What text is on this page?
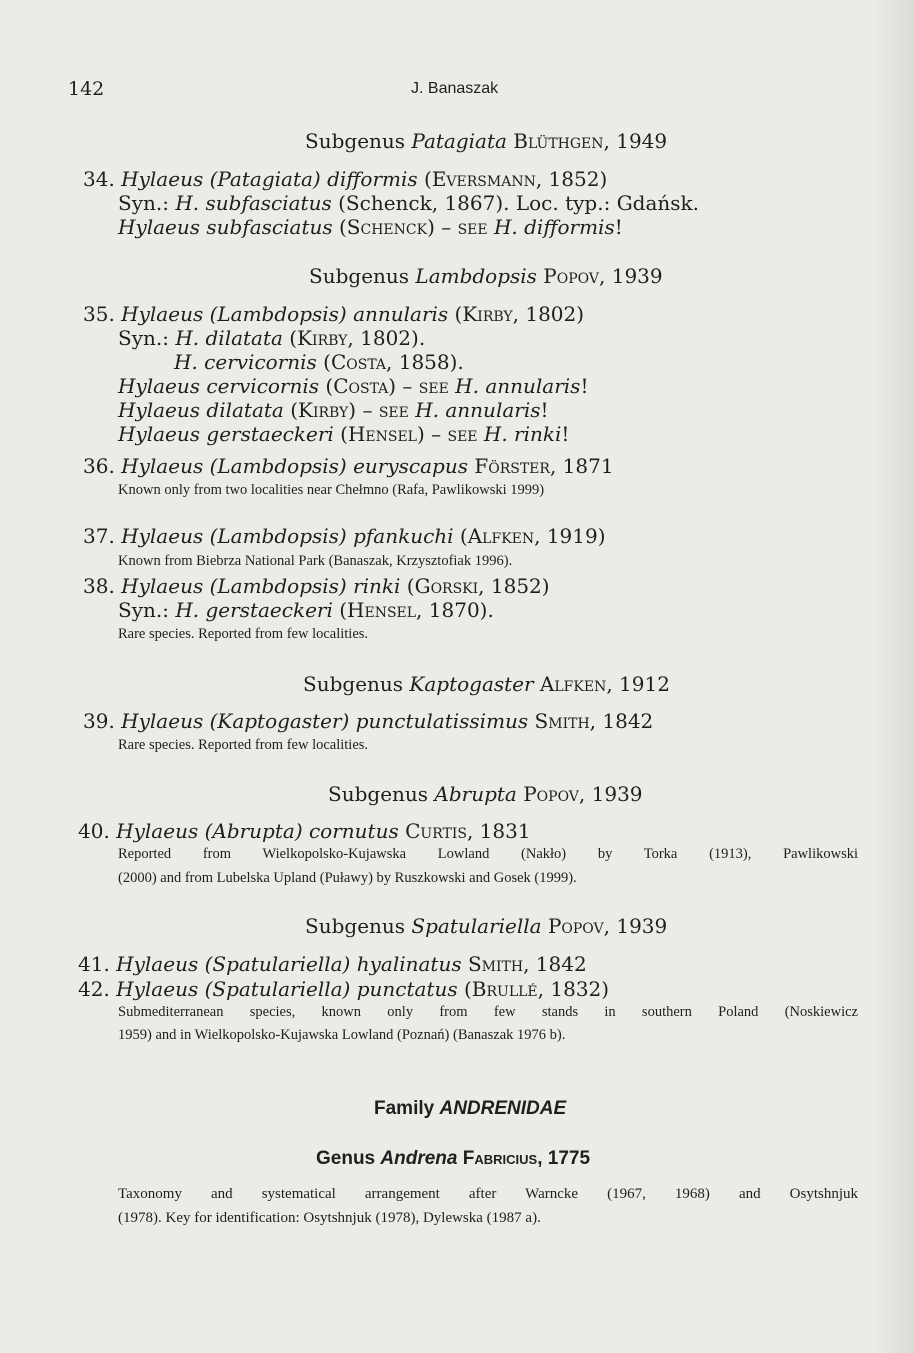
142	J. Banaszak
Subgenus Patagiata Blüthgen, 1949
34. Hylaeus (Patagiata) difformis (Eversmann, 1852)
Syn.: H. subfasciatus (Schenck, 1867). Loc. typ.: Gdańsk.
Hylaeus subfasciatus (Schenck) – see H. difformis!
Subgenus Lambdopsis Popov, 1939
35. Hylaeus (Lambdopsis) annularis (Kirby, 1802)
Syn.: H. dilatata (Kirby, 1802).
H. cervicornis (Costa, 1858).
Hylaeus cervicornis (Costa) – see H. annularis!
Hylaeus dilatata (Kirby) – see H. annularis!
Hylaeus gerstaeckeri (Hensel) – see H. rinki!
36. Hylaeus (Lambdopsis) euryscapus Förster, 1871
Known only from two localities near Chełmno (Rafa, Pawlikowski 1999)
37. Hylaeus (Lambdopsis) pfankuchi (Alfken, 1919)
Known from Biebrza National Park (Banaszak, Krzysztofiak 1996).
38. Hylaeus (Lambdopsis) rinki (Gorski, 1852)
Syn.: H. gerstaeckeri (Hensel, 1870).
Rare species. Reported from few localities.
Subgenus Kaptogaster Alfken, 1912
39. Hylaeus (Kaptogaster) punctulatissimus Smith, 1842
Rare species. Reported from few localities.
Subgenus Abrupta Popov, 1939
40. Hylaeus (Abrupta) cornutus Curtis, 1831
Reported from Wielkopolsko-Kujawska Lowland (Nakło) by Torka (1913), Pawlikowski
(2000) and from Lubelska Upland (Puławy) by Ruszkowski and Gosek (1999).
Subgenus Spatulariella Popov, 1939
41. Hylaeus (Spatulariella) hyalinatus Smith, 1842
42. Hylaeus (Spatulariella) punctatus (Brullé, 1832)
Submediterranean species, known only from few stands in southern Poland (Noskiewicz
1959) and in Wielkopolsko-Kujawska Lowland (Poznań) (Banaszak 1976 b).
Family ANDRENIDAE
Genus Andrena Fabricius, 1775
Taxonomy and systematical arrangement after Warncke (1967, 1968) and Osytshnjuk
(1978). Key for identification: Osytshnjuk (1978), Dylewska (1987 a).
